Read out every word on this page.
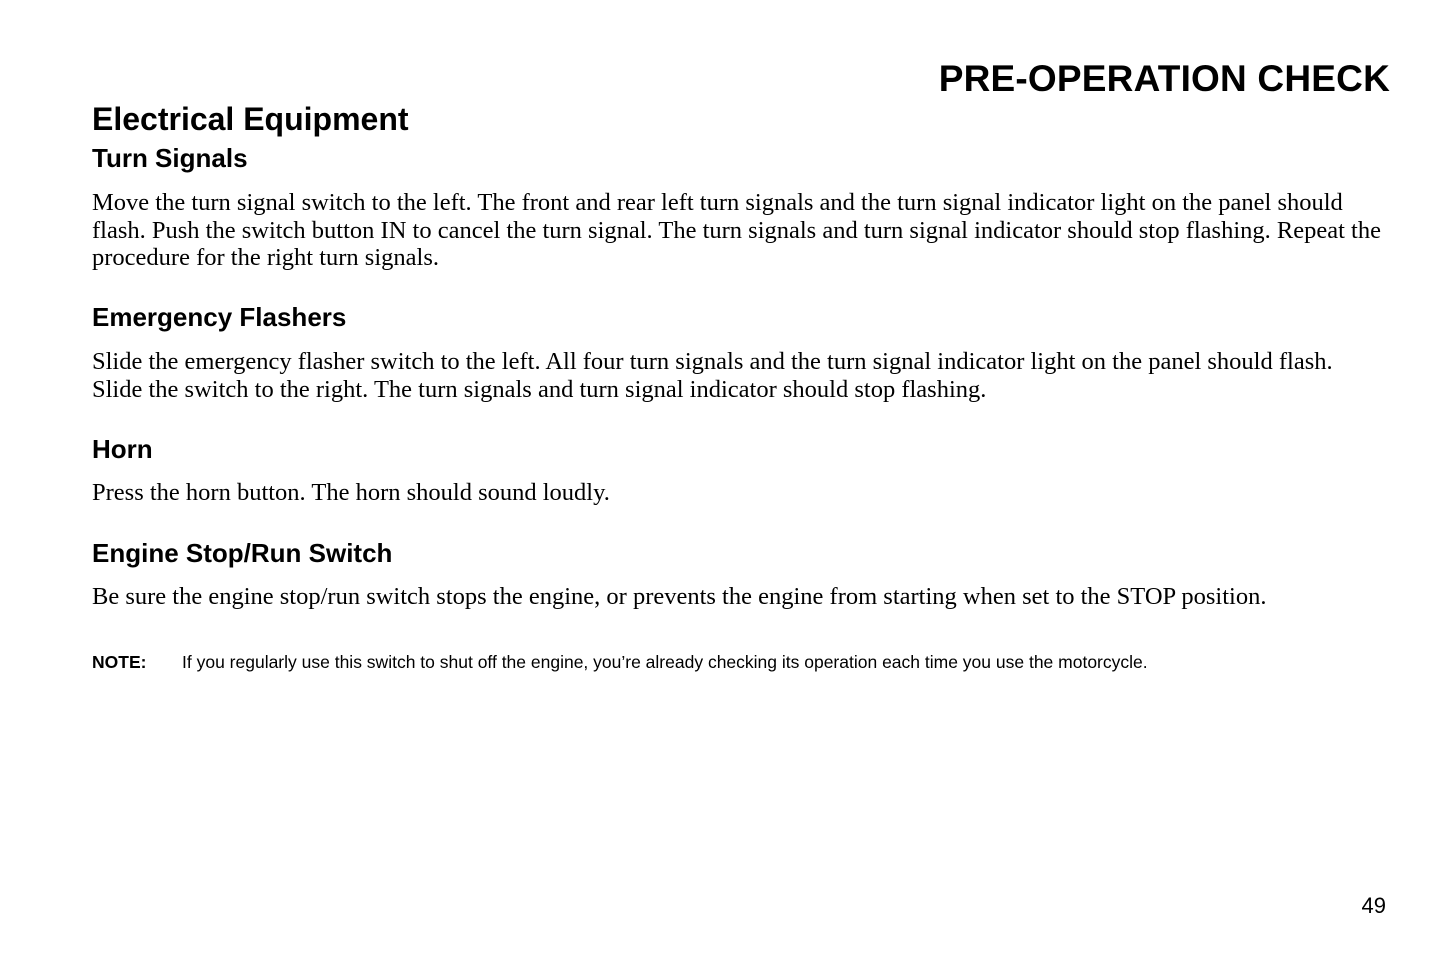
PRE-OPERATION CHECK
Electrical Equipment
Turn Signals

Move the turn signal switch to the left. The front and rear left turn signals and the turn signal indicator light on the panel should flash. Push the switch button IN to cancel the turn signal. The turn signals and turn signal indicator should stop flashing. Repeat the procedure for the right turn signals.

Emergency Flashers

Slide the emergency flasher switch to the left. All four turn signals and the turn signal indicator light on the panel should flash. Slide the switch to the right. The turn signals and turn signal indicator should stop flashing.

Horn

Press the horn button. The horn should sound loudly.

Engine Stop/Run Switch

Be sure the engine stop/run switch stops the engine, or prevents the engine from starting when set to the STOP position.

NOTE: If you regularly use this switch to shut off the engine, you’re already checking its operation each time you use the motorcycle.

49
